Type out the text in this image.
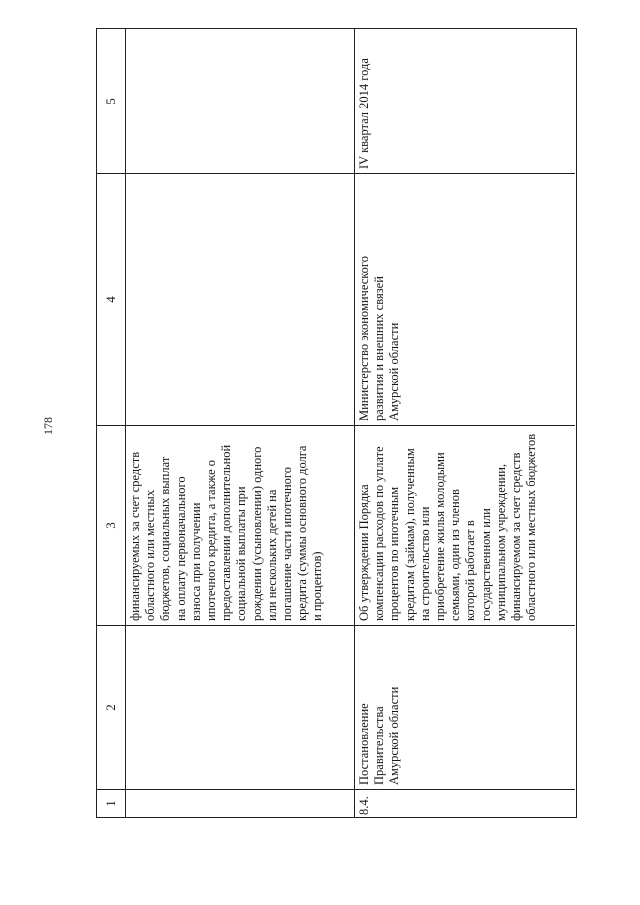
178
1
2
3
4
5
финансируемых за счет средств
областного или местных
бюджетов, социальных выплат
на оплату первоначального
взноса при получении
ипотечного кредита, а также о
предоставлении дополнительной
социальной выплаты при
рождении (усыновлении) одного
или нескольких детей на
погашение части ипотечного
кредита (суммы основного долга
и процентов)
8.4.
Постановление
Правительства
Амурской области
Об утверждении Порядка
компенсации расходов по уплате
процентов по ипотечным
кредитам (займам), полученным
на строительство или
приобретение жилья молодыми
семьями, один из членов
которой работает в
государственном или
муниципальном учреждении,
финансируемом за счет средств
областного или местных бюджетов
Министерство экономического
развития и внешних связей
Амурской области
IV квартал 2014 года
